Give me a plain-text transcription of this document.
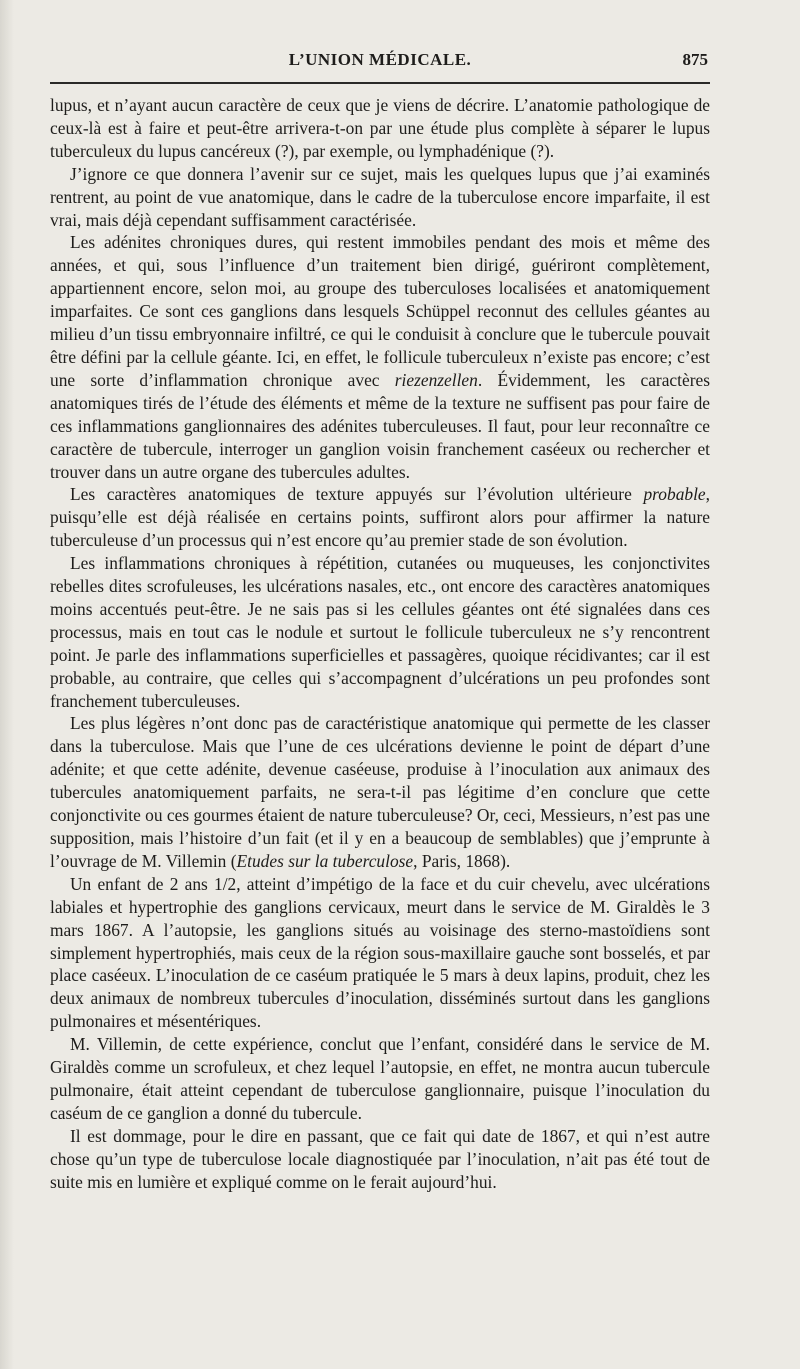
L’UNION MÉDICALE.	875

lupus, et n’ayant aucun caractère de ceux que je viens de décrire. L’anatomie pathologique de ceux-là est à faire et peut-être arrivera-t-on par une étude plus complète à séparer le lupus tuberculeux du lupus cancéreux (?), par exemple, ou lymphadénique (?).

J’ignore ce que donnera l’avenir sur ce sujet, mais les quelques lupus que j’ai examinés rentrent, au point de vue anatomique, dans le cadre de la tuberculose encore imparfaite, il est vrai, mais déjà cependant suffisamment caractérisée.

Les adénites chroniques dures, qui restent immobiles pendant des mois et même des années, et qui, sous l’influence d’un traitement bien dirigé, guériront complètement, appartiennent encore, selon moi, au groupe des tuberculoses localisées et anatomiquement imparfaites. Ce sont ces ganglions dans lesquels Schüppel reconnut des cellules géantes au milieu d’un tissu embryonnaire infiltré, ce qui le conduisit à conclure que le tubercule pouvait être défini par la cellule géante. Ici, en effet, le follicule tuberculeux n’existe pas encore; c’est une sorte d’inflammation chronique avec riezenzellen. Évidemment, les caractères anatomiques tirés de l’étude des éléments et même de la texture ne suffisent pas pour faire de ces inflammations ganglionnaires des adénites tuberculeuses. Il faut, pour leur reconnaître ce caractère de tubercule, interroger un ganglion voisin franchement caséeux ou rechercher et trouver dans un autre organe des tubercules adultes.

Les caractères anatomiques de texture appuyés sur l’évolution ultérieure probable, puisqu’elle est déjà réalisée en certains points, suffiront alors pour affirmer la nature tuberculeuse d’un processus qui n’est encore qu’au premier stade de son évolution.

Les inflammations chroniques à répétition, cutanées ou muqueuses, les conjonctivites rebelles dites scrofuleuses, les ulcérations nasales, etc., ont encore des caractères anatomiques moins accentués peut-être. Je ne sais pas si les cellules géantes ont été signalées dans ces processus, mais en tout cas le nodule et surtout le follicule tuberculeux ne s’y rencontrent point. Je parle des inflammations superficielles et passagères, quoique récidivantes; car il est probable, au contraire, que celles qui s’accompagnent d’ulcérations un peu profondes sont franchement tuberculeuses.

Les plus légères n’ont donc pas de caractéristique anatomique qui permette de les classer dans la tuberculose. Mais que l’une de ces ulcérations devienne le point de départ d’une adénite; et que cette adénite, devenue caséeuse, produise à l’inoculation aux animaux des tubercules anatomiquement parfaits, ne sera-t-il pas légitime d’en conclure que cette conjonctivite ou ces gourmes étaient de nature tuberculeuse? Or, ceci, Messieurs, n’est pas une supposition, mais l’histoire d’un fait (et il y en a beaucoup de semblables) que j’emprunte à l’ouvrage de M. Villemin (Etudes sur la tuberculose, Paris, 1868).

Un enfant de 2 ans 1/2, atteint d’impétigo de la face et du cuir chevelu, avec ulcérations labiales et hypertrophie des ganglions cervicaux, meurt dans le service de M. Giraldès le 3 mars 1867. A l’autopsie, les ganglions situés au voisinage des sterno-mastoïdiens sont simplement hypertrophiés, mais ceux de la région sous-maxillaire gauche sont bosselés, et par place caséeux. L’inoculation de ce caséum pratiquée le 5 mars à deux lapins, produit, chez les deux animaux de nombreux tubercules d’inoculation, disséminés surtout dans les ganglions pulmonaires et mésentériques.

M. Villemin, de cette expérience, conclut que l’enfant, considéré dans le service de M. Giraldès comme un scrofuleux, et chez lequel l’autopsie, en effet, ne montra aucun tubercule pulmonaire, était atteint cependant de tuberculose ganglionnaire, puisque l’inoculation du caséum de ce ganglion a donné du tubercule.

Il est dommage, pour le dire en passant, que ce fait qui date de 1867, et qui n’est autre chose qu’un type de tuberculose locale diagnostiquée par l’inoculation, n’ait pas été tout de suite mis en lumière et expliqué comme on le ferait aujourd’hui.
